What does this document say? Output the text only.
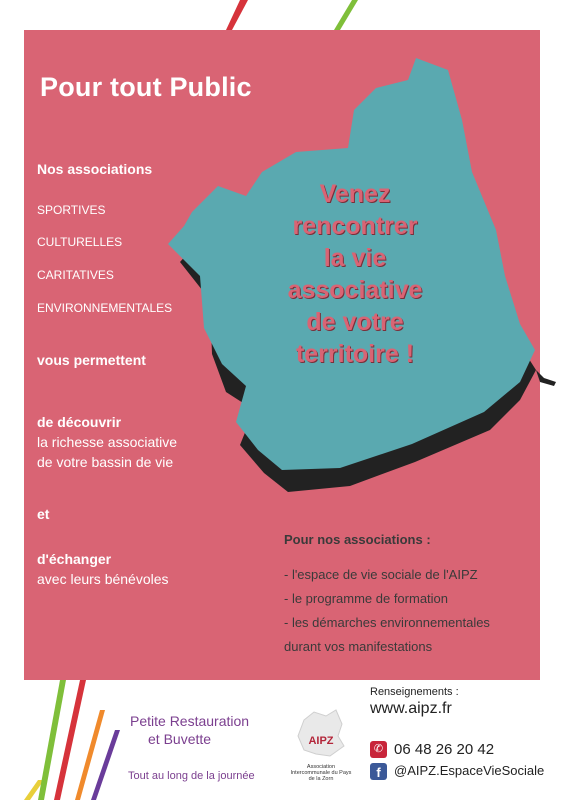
Pour tout Public

Nos associations

SPORTIVES

CULTURELLES

CARITATIVES

ENVIRONNEMENTALES

vous permettent

de découvrir

la richesse associative

de votre bassin de vie

et

d'échanger

avec leurs bénévoles

Venez
rencontrer
la vie
associative
de votre
territoire !

Pour nos associations :

- l'espace de vie sociale de l'AIPZ

- le programme de formation

- les démarches environnementales

durant vos manifestations

Petite Restauration

et Buvette

Tout au long de la journée

AIPZ
Association Intercommunale du Pays de la Zorn

Renseignements :

www.aipz.fr

✆ 06 48 26 20 42

f	@AIPZ.EspaceVieSociale
